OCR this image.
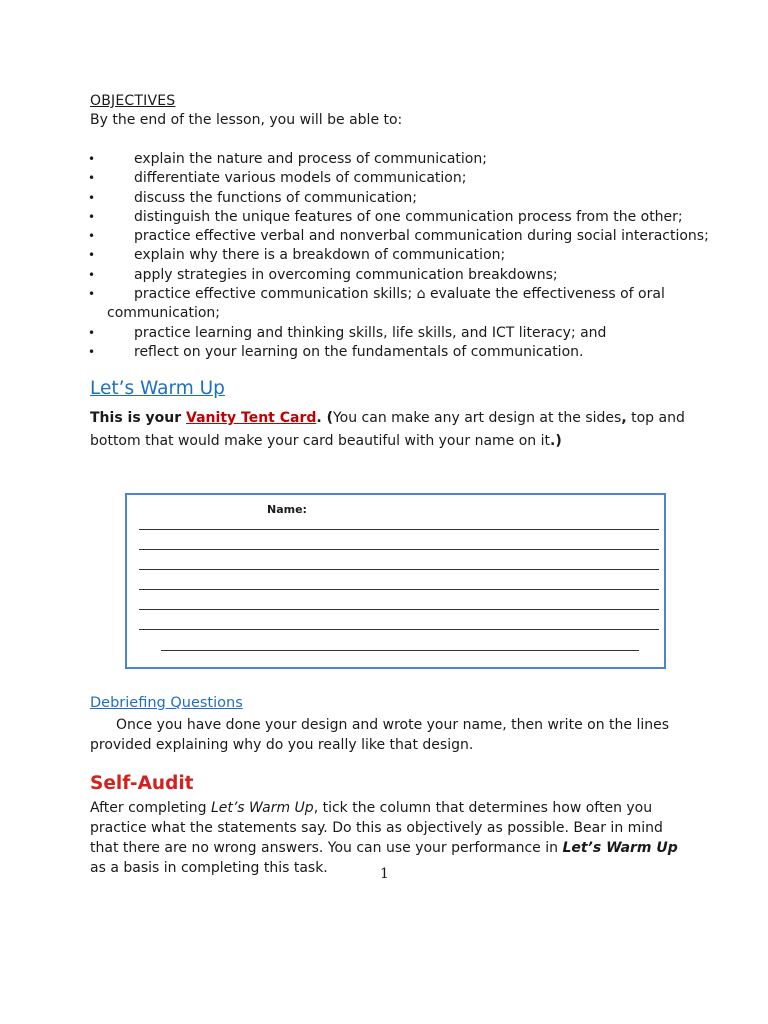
OBJECTIVES
By the end of the lesson, you will be able to:
•	explain the nature and process of communication;
•	differentiate various models of communication;
•	discuss the functions of communication;
•	distinguish the unique features of one communication process from the other;
•	practice effective verbal and nonverbal communication during social interactions;
•	explain why there is a breakdown of communication;
•	apply strategies in overcoming communication breakdowns;
•	practice effective communication skills; ⌂ evaluate the effectiveness of oral
communication;
•	practice learning and thinking skills, life skills, and ICT literacy; and
•	reflect on your learning on the fundamentals of communication.
Let’s Warm Up
This is your Vanity Tent Card. (You can make any art design at the sides, top and bottom that would make your card beautiful with your name on it.)
Name:
Debriefing Questions
Once you have done your design and wrote your name, then write on the lines provided explaining why do you really like that design.
Self-Audit
After completing Let’s Warm Up, tick the column that determines how often you practice what the statements say. Do this as objectively as possible. Bear in mind that there are no wrong answers. You can use your performance in Let’s Warm Up as a basis in completing this task.	1
